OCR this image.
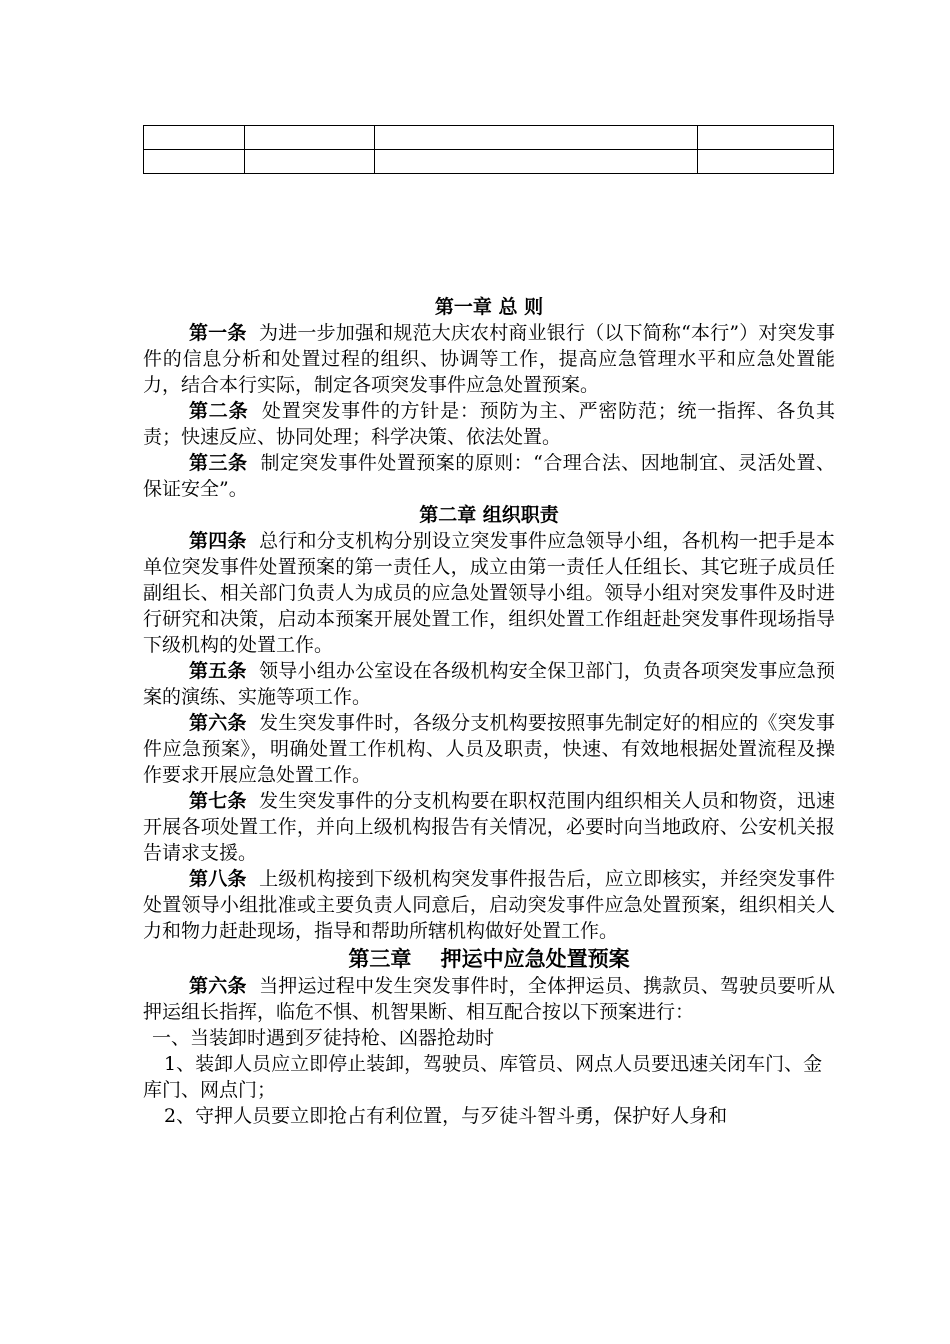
第一章 总 则

第一条 为进一步加强和规范大庆农村商业银行（以下简称“本行”）对突发事件的信息分析和处置过程的组织、协调等工作，提高应急管理水平和应急处置能力，结合本行实际，制定各项突发事件应急处置预案。

第二条 处置突发事件的方针是：预防为主、严密防范；统一指挥、各负其责；快速反应、协同处理；科学决策、依法处置。

第三条 制定突发事件处置预案的原则：“合理合法、因地制宜、灵活处置、保证安全”。

第二章 组织职责

第四条 总行和分支机构分别设立突发事件应急领导小组，各机构一把手是本单位突发事件处置预案的第一责任人，成立由第一责任人任组长、其它班子成员任副组长、相关部门负责人为成员的应急处置领导小组。领导小组对突发事件及时进行研究和决策，启动本预案开展处置工作，组织处置工作组赶赴突发事件现场指导下级机构的处置工作。

第五条 领导小组办公室设在各级机构安全保卫部门，负责各项突发事应急预案的演练、实施等项工作。

第六条 发生突发事件时，各级分支机构要按照事先制定好的相应的《突发事件应急预案》，明确处置工作机构、人员及职责，快速、有效地根据处置流程及操作要求开展应急处置工作。

第七条 发生突发事件的分支机构要在职权范围内组织相关人员和物资，迅速开展各项处置工作，并向上级机构报告有关情况，必要时向当地政府、公安机关报告请求支援。

第八条 上级机构接到下级机构突发事件报告后，应立即核实，并经突发事件处置领导小组批准或主要负责人同意后，启动突发事件应急处置预案，组织相关人力和物力赶赴现场，指导和帮助所辖机构做好处置工作。

第三章    押运中应急处置预案

第六条 当押运过程中发生突发事件时，全体押运员、携款员、驾驶员要听从押运组长指挥，临危不惧、机智果断、相互配合按以下预案进行：

一、当装卸时遇到歹徒持枪、凶器抢劫时

1、装卸人员应立即停止装卸，驾驶员、库管员、网点人员要迅速关闭车门、金库门、网点门；

2、守押人员要立即抢占有利位置，与歹徒斗智斗勇，保护好人身和
